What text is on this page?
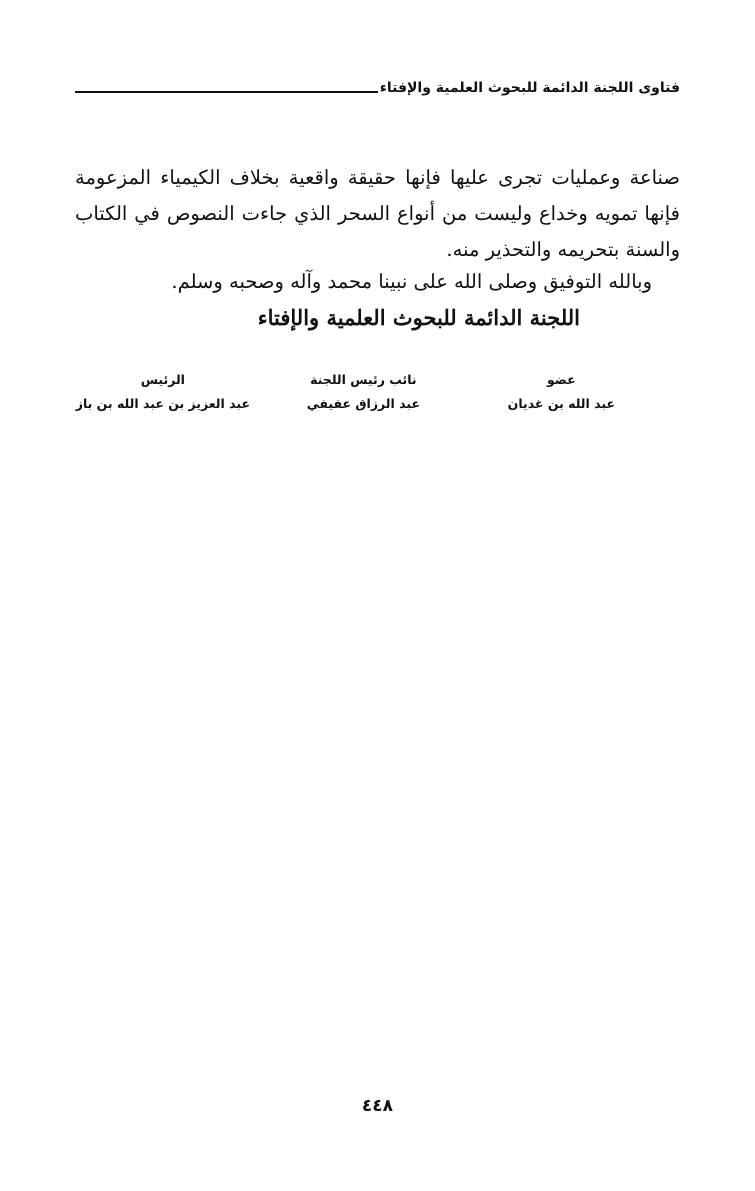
فتاوى اللجنة الدائمة للبحوث العلمية والإفتاء
صناعة وعمليات تجرى عليها فإنها حقيقة واقعية بخلاف الكيمياء المزعومة فإنها تمويه وخداع وليست من أنواع السحر الذي جاءت النصوص في الكتاب والسنة بتحريمه والتحذير منه.
وبالله التوفيق وصلى الله على نبينا محمد وآله وصحبه وسلم.
اللجنة الدائمة للبحوث العلمية والإفتاء
عضو
عبد الله بن غديان
نائب رئيس اللجنة
عبد الرزاق عفيفي
الرئيس
عبد العزيز بن عبد الله بن باز
٤٤٨
